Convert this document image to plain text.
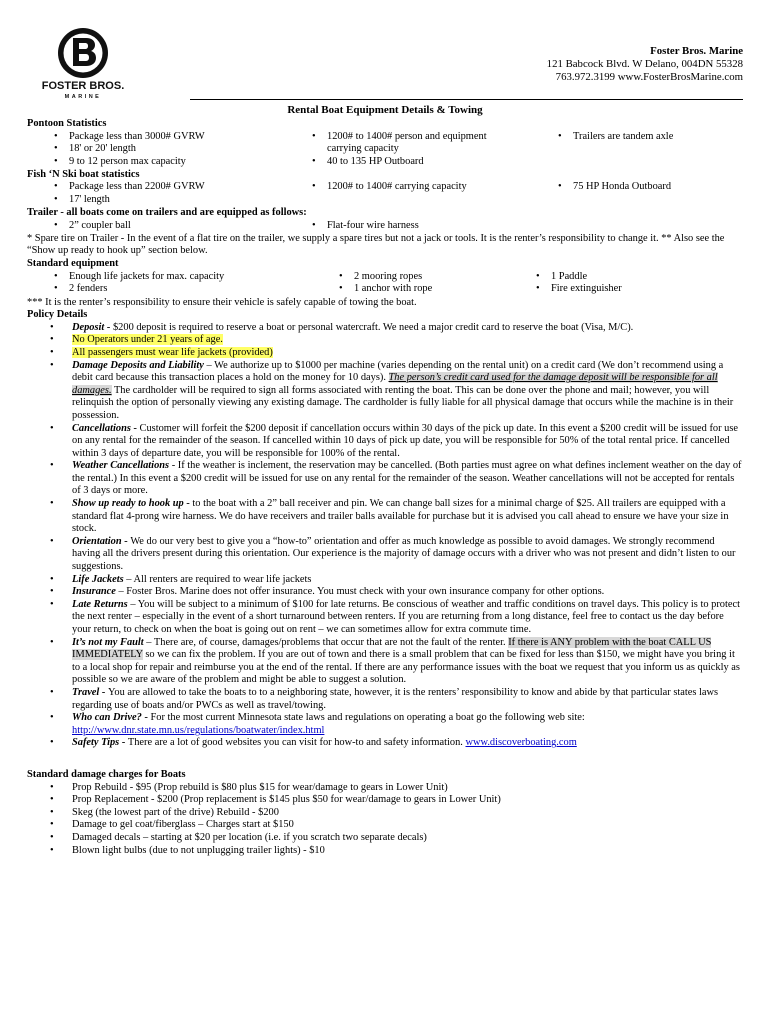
FOSTER BROS.
MARINE
Foster Bros. Marine
121 Babcock Blvd. W Delano, 004DN 55328
763.972.3199 www.FosterBrosMarine.com
Rental Boat Equipment Details & Towing
Pontoon Statistics
• Package less than 3000# GVRW
• 18' or 20' length
• 9 to 12 person max capacity
• 1200# to 1400# person and equipment carrying capacity
• 40 to 135 HP Outboard
• Trailers are tandem axle
Fish ‘N Ski boat statistics
• Package less than 2200# GVRW
• 17' length
• 1200# to 1400# carrying capacity	• 75 HP Honda Outboard
Trailer - all boats come on trailers and are equipped as follows:
• 2” coupler ball	• Flat-four wire harness
* Spare tire on Trailer - In the event of a flat tire on the trailer, we supply a spare tires but not a jack or tools. It is the renter’s responsibility to change it. ** Also see the “Show up ready to hook up” section below.
Standard equipment
• Enough life jackets for max. capacity
• 2 fenders
• 2 mooring ropes
• 1 anchor with rope
• 1 Paddle
• Fire extinguisher
*** It is the renter’s responsibility to ensure their vehicle is safely capable of towing the boat.
Policy Details
• Deposit - $200 deposit is required to reserve a boat or personal watercraft. We need a major credit card to reserve the boat (Visa, M/C).
• No Operators under 21 years of age.
• All passengers must wear life jackets (provided)
• Damage Deposits and Liability – We authorize up to $1000 per machine (varies depending on the rental unit) on a credit card (We don’t recommend using a debit card because this transaction places a hold on the money for 10 days). The person’s credit card used for the damage deposit will be responsible for all damages. The cardholder will be required to sign all forms associated with renting the boat. This can be done over the phone and mail; however, you will relinquish the option of personally viewing any existing damage. The cardholder is fully liable for all physical damage that occurs while the machine is in their possession.
• Cancellations - Customer will forfeit the $200 deposit if cancellation occurs within 30 days of the pick up date. In this event a $200 credit will be issued for use on any rental for the remainder of the season. If cancelled within 10 days of pick up date, you will be responsible for 50% of the total rental price. If cancelled within 3 days of departure date, you will be responsible for 100% of the rental.
• Weather Cancellations - If the weather is inclement, the reservation may be cancelled. (Both parties must agree on what defines inclement weather on the day of the rental.) In this event a $200 credit will be issued for use on any rental for the remainder of the season. Weather cancellations will not be accepted for rentals of 3 days or more.
• Show up ready to hook up - to the boat with a 2” ball receiver and pin. We can change ball sizes for a minimal charge of $25. All trailers are equipped with a standard flat 4-prong wire harness. We do have receivers and trailer balls available for purchase but it is advised you call ahead to ensure we have your size in stock.
• Orientation - We do our very best to give you a “how-to” orientation and offer as much knowledge as possible to avoid damages. We strongly recommend having all the drivers present during this orientation. Our experience is the majority of damage occurs with a driver who was not present and didn’t listen to our suggestions.
• Life Jackets – All renters are required to wear life jackets
• Insurance – Foster Bros. Marine does not offer insurance. You must check with your own insurance company for other options.
• Late Returns – You will be subject to a minimum of $100 for late returns. Be conscious of weather and traffic conditions on travel days. This policy is to protect the next renter – especially in the event of a short turnaround between renters. If you are returning from a long distance, feel free to contact us the day before your return, to check on when the boat is going out on rent – we can sometimes allow for extra commute time.
• It’s not my Fault – There are, of course, damages/problems that occur that are not the fault of the renter. If there is ANY problem with the boat CALL US IMMEDIATELY so we can fix the problem. If you are out of town and there is a small problem that can be fixed for less than $150, we might have you bring it to a local shop for repair and reimburse you at the end of the rental. If there are any performance issues with the boat we request that you inform us as quickly as possible so we are aware of the problem and might be able to suggest a solution.
• Travel - You are allowed to take the boats to to a neighboring state, however, it is the renters’ responsibility to know and abide by that particular states laws regarding use of boats and/or PWCs as well as travel/towing.
• Who can Drive? - For the most current Minnesota state laws and regulations on operating a boat go the following web site:
http://www.dnr.state.mn.us/regulations/boatwater/index.html
• Safety Tips - There are a lot of good websites you can visit for how-to and safety information. www.discoverboating.com
Standard damage charges for Boats
• Prop Rebuild - $95 (Prop rebuild is $80 plus $15 for wear/damage to gears in Lower Unit)
• Prop Replacement - $200 (Prop replacement is $145 plus $50 for wear/damage to gears in Lower Unit)
• Skeg (the lowest part of the drive) Rebuild - $200
• Damage to gel coat/fiberglass – Charges start at $150
• Damaged decals – starting at $20 per location (i.e. if you scratch two separate decals)
• Blown light bulbs (due to not unplugging trailer lights) - $10
